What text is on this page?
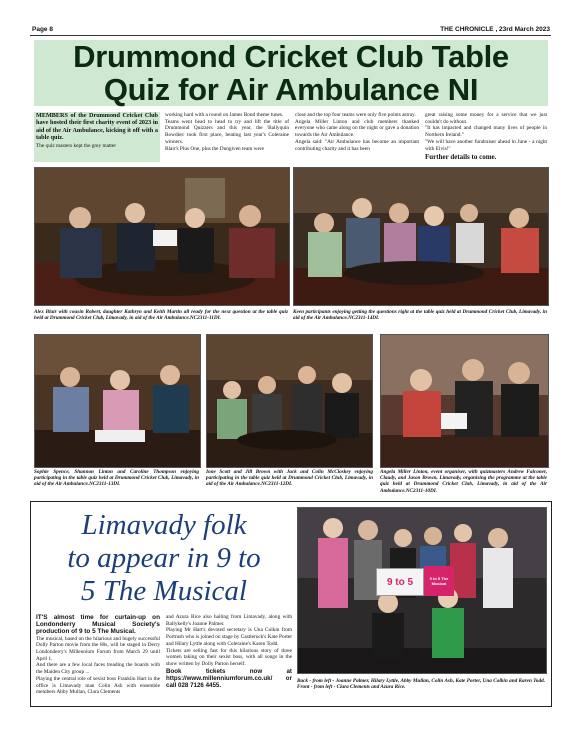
Page 8	THE CHRONICLE , 23rd March 2023
Drummond Cricket Club Table
Quiz for Air Ambulance NI

MEMBERS of the Drummond Cricket Club have hosted their first charity event of 2023 in aid of the Air Ambulance, kicking it off with a table quiz.

The quiz masters kept the grey matter

working hard with a round on James Bond theme tunes.

Teams went head to head to try and lift the title of Drummond Quizzers and this year, the 'Ballyquin Rowdies' took first place, beating last year's Coleraine winners.

Blair's Plus One, plus the Dungiven team were

close and the top four teams were only five points astray.

Angela Miller Linton and club members thanked everyone who came along on the night or gave a donation towards the Air Ambulance.

Angela said: "Air Ambulance has become an important contributing charity and it has been

great raising some money for a service that we just couldn't do without.

"It has impacted and changed many lives of people in Northern Ireland."

"We will have another fundraiser ahead in June - a night with Elvis!"

Further details to come.

Alex Blair with cousin Robert, daughter Kathryn and Keith Martin all ready for the next question at the table quiz held at Drummond Cricket Club, Limavady, in aid of the Air Ambulance.NC2311-11DL
Keen participants enjoying getting the questions right at the table quiz held at Drummond Cricket Club, Limavady, in aid of the Air Ambulance.NC2311-14DL
Sophie Spence, Shannon Linton and Caroline Thompson enjoying participating in the table quiz held at Drummond Cricket Club, Limavady, in aid of the Air Ambulance.NC2311-13DL
Ione Scott and Jill Brown with Jack and Colin McCloskey enjoying participating in the table quiz held at Drummond Cricket Club, Limavady, in aid of the Air Ambulance.NC2311-12DL
Angela Miller Linton, event organiser, with quizmasters Andrew Falconer, Claudy, and Jason Brown, Limavady, organising the programme at the table quiz held at Drummond Cricket Club, Limavady, in aid of the Air Ambulance.NC2311-10DL
Limavady folk
to appear in 9 to
5 The Musical

IT'S almost time for curtain-up on Londonderry Musical Society's production of 9 to 5 The Musical.

The musical, based on the hilarious and hugely successful Dolly Parton movie from the 80s, will be staged in Derry Londonderry's Millennium Forum from March 29 until April 1.

And there are a few local faces treading the boards with the Maiden City group ...

Playing the central role of sexist boss Franklin Hart in the office is Limavady man Colin Ash with ensemble members Abby Mullan, Clara Clements

and Azura Rice also hailing from Limavady, along with Ballykelly's Joanne Palmer.

Playing Mr Hart's devoted secretary is Una Colkin from Portrush who is joined on stage by Castlerock's Kate Porter and Hilary Lyttle along with Coleraine's Karen Todd.

Tickets are selling fast for this hilarious story of three women taking on their sexist boss, with all songs in the show written by Dolly Parton herself.

Book tickets now at https://www.millenniumforum.co.uk/ or call 028 7126 4455.

9 to 5	9 to 5 The Musical
Back - from left - Joanne Palmer, Hilary Lyttle, Abby Mullan, Colin Ash, Kate Porter, Una Colkin and Karen Todd. Front - from left - Clara Clements and Azura Rice.
